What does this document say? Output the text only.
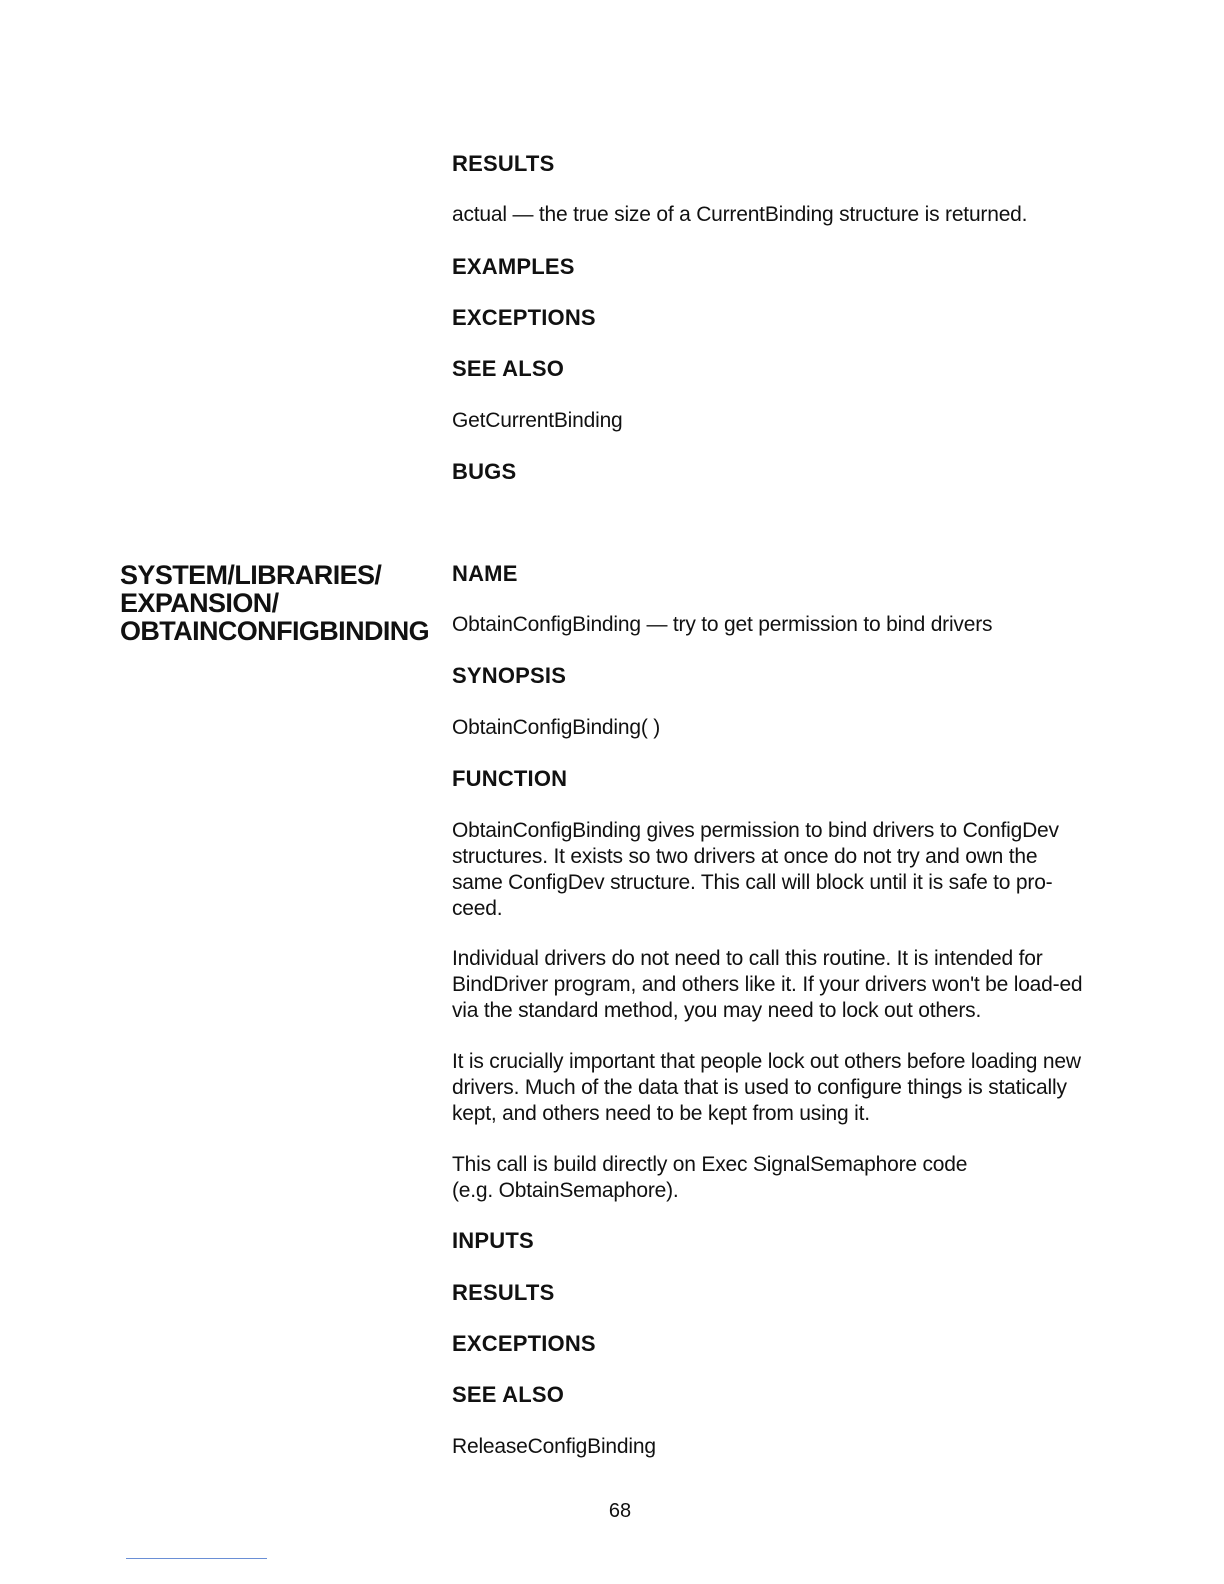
RESULTS
actual — the true size of a CurrentBinding structure is returned.
EXAMPLES
EXCEPTIONS
SEE ALSO
GetCurrentBinding
BUGS
SYSTEM/LIBRARIES/
EXPANSION/
OBTAINCONFIGBINDING
NAME
ObtainConfigBinding — try to get permission to bind drivers
SYNOPSIS
ObtainConfigBinding( )
FUNCTION

ObtainConfigBinding gives permission to bind drivers to ConfigDev structures. It exists so two drivers at once do not try and own the same ConfigDev structure. This call will block until it is safe to pro-ceed.

Individual drivers do not need to call this routine. It is intended for BindDriver program, and others like it. If your drivers won't be load-ed via the standard method, you may need to lock out others.

It is crucially important that people lock out others before loading new drivers. Much of the data that is used to configure things is statically kept, and others need to be kept from using it.

This call is build directly on Exec SignalSemaphore code (e.g. ObtainSemaphore).

INPUTS
RESULTS
EXCEPTIONS
SEE ALSO
ReleaseConfigBinding
68
